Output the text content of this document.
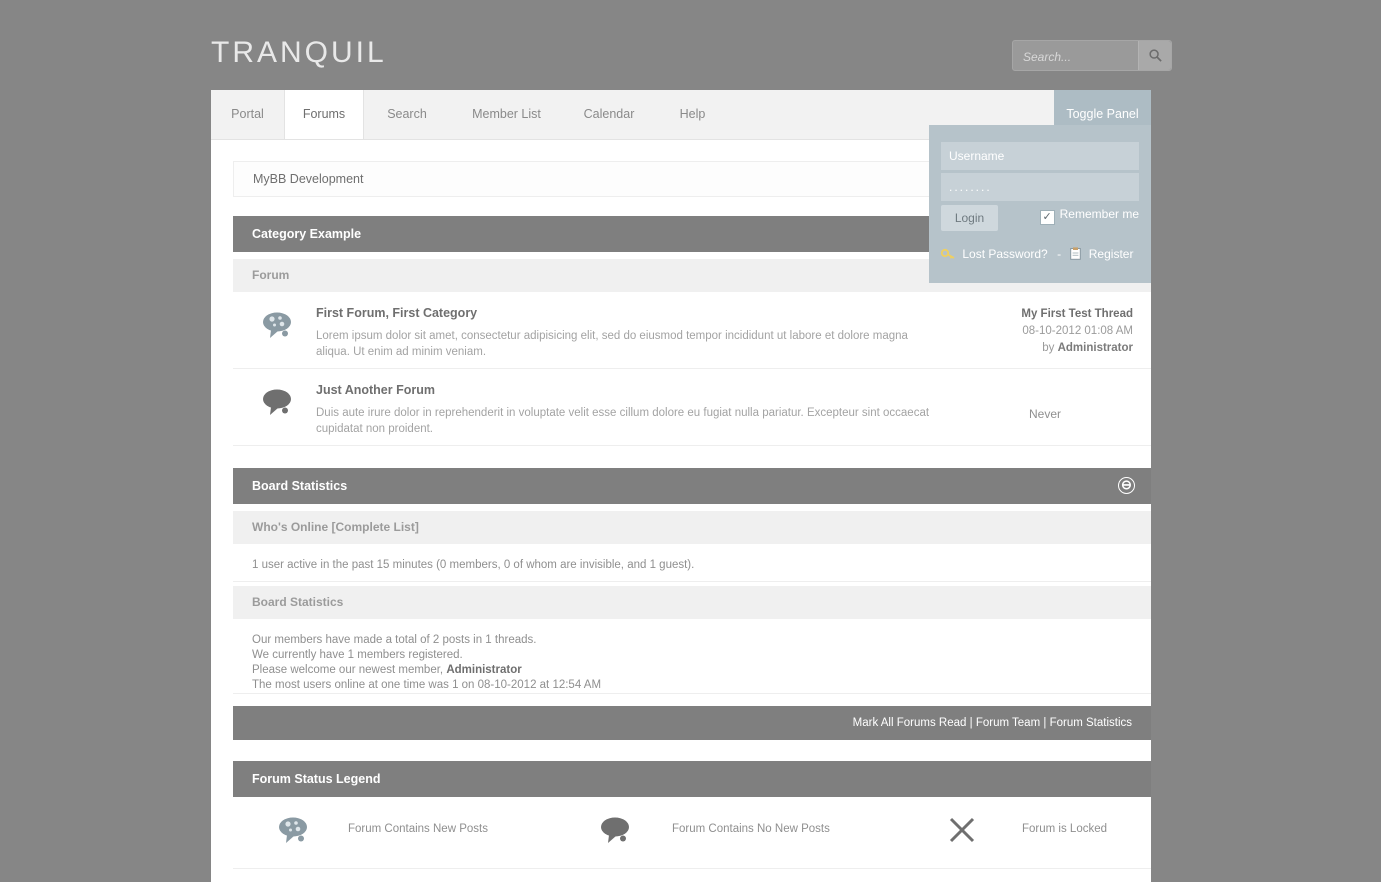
TRANQUIL
Search...
Portal	Forums	Search	Member List	Calendar	Help	Toggle Panel
MyBB Development
Category Example
Forum
First Forum, First Category
Lorem ipsum dolor sit amet, consectetur adipisicing elit, sed do eiusmod tempor incididunt ut labore et dolore magna aliqua. Ut enim ad minim veniam.
My First Test Thread
08-10-2012 01:08 AM
by Administrator
Just Another Forum
Duis aute irure dolor in reprehenderit in voluptate velit esse cillum dolore eu fugiat nulla pariatur. Excepteur sint occaecat cupidatat non proident.
Never
Board Statistics	⊖
Who's Online [Complete List]
1 user active in the past 15 minutes (0 members, 0 of whom are invisible, and 1 guest).
Board Statistics
Our members have made a total of 2 posts in 1 threads.
We currently have 1 members registered.
Please welcome our newest member, Administrator
The most users online at one time was 1 on 08-10-2012 at 12:54 AM
Mark All Forums Read | Forum Team | Forum Statistics
Forum Status Legend
Forum Contains New Posts	Forum Contains No New Posts	Forum is Locked
Username
........
Login	✓ Remember me
Lost Password? - Register
